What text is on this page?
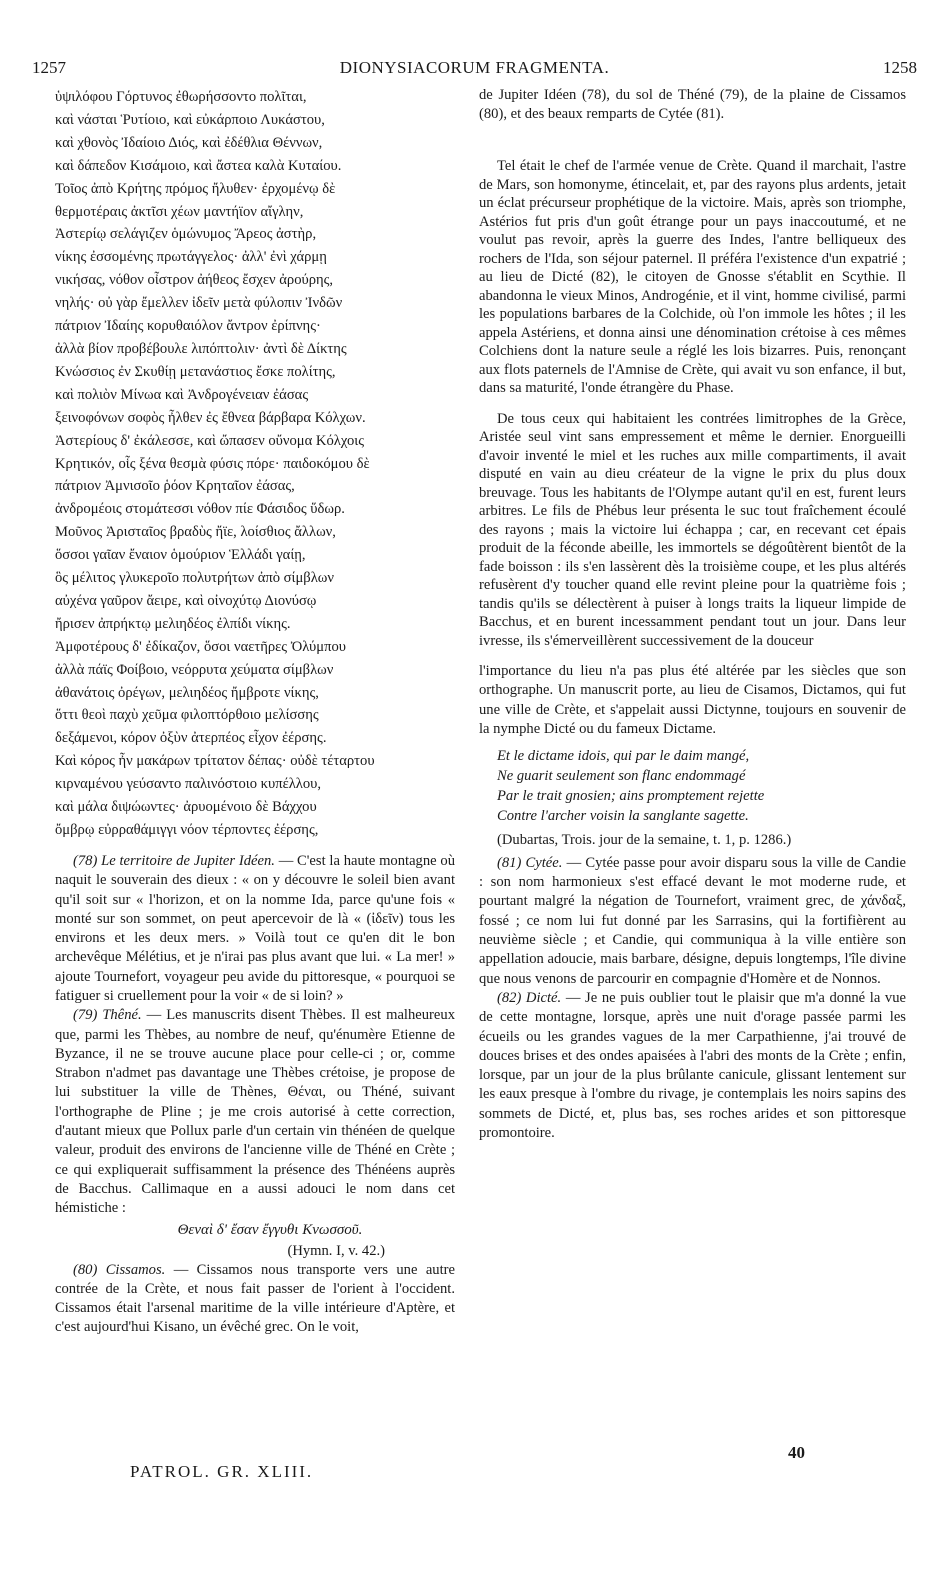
1257	DIONYSIACORUM FRAGMENTA.	1258
ὑψιλόφου Γόρτυνος ἐθωρήσσοντο πολῖται,
καὶ νάσται Ῥυτίοιο, καὶ εὐκάρποιο Λυκάστου,
καὶ χθονὸς Ἰδαίοιο Διός, καὶ ἐδέθλια Θέννων,
καὶ δάπεδον Κισάμοιο, καὶ ἄστεα καλὰ Κυταίου.
Τοῖος ἀπὸ Κρήτης πρόμος ἤλυθεν· ἐρχομένῳ δὲ
θερμοτέραις ἀκτῖσι χέων μαντήϊον αἴγλην,
Ἀστερίῳ σελάγιζεν ὁμώνυμος Ἄρεος ἀστὴρ,
νίκης ἐσσομένης πρωτάγγελος· ἀλλ' ἐνὶ χάρμῃ
νικήσας, νόθον οἶστρον ἀήθεος ἔσχεν ἀρούρης,
νηλής· οὐ γὰρ ἔμελλεν ἰδεῖν μετὰ φύλοπιν Ἰνδῶν
πάτριον Ἰδαίης κορυθαιόλον ἄντρον ἐρίπνης·
ἀλλὰ βίον προβέβουλε λιπόπτολιν· ἀντὶ δὲ Δίκτης
Κνώσσιος ἐν Σκυθίῃ μετανάστιος ἔσκε πολίτης,
καὶ πολιὸν Μίνωα καὶ Ἀνδρογένειαν ἐάσας
ξεινοφόνων σοφὸς ἦλθεν ἐς ἔθνεα βάρβαρα Κόλχων.
Ἀστερίους δ' ἐκάλεσσε, καὶ ὤπασεν οὔνομα Κόλχοις
Κρητικόν, οἷς ξένα θεσμὰ φύσις πόρε· παιδοκόμου δὲ
πάτριον Ἀμνισοῖο ῥόον Κρηταῖον ἐάσας,
ἀνδρομέοις στομάτεσσι νόθον πίε Φάσιδος ὕδωρ.
Μοῦνος Ἀρισταῖος βραδὺς ἤϊε, λοίσθιος ἄλλων,
ὅσσοι γαῖαν ἔναιον ὁμούριον Ἑλλάδι γαίῃ,
ὃς μέλιτος γλυκεροῖο πολυτρήτων ἀπὸ σίμβλων
αὐχένα γαῦρον ἄειρε, καὶ οἰνοχύτῳ Διονύσῳ
ἤρισεν ἀπρήκτῳ μελιηδέος ἐλπίδι νίκης.
Ἀμφοτέρους δ' ἐδίκαζον, ὅσοι ναετῆρες Ὀλύμπου
ἀλλὰ πάϊς Φοίβοιο, νεόρρυτα χεύματα σίμβλων
ἀθανάτοις ὀρέγων, μελιηδέος ἤμβροτε νίκης,
ὅττι θεοὶ παχὺ χεῦμα φιλοπτόρθοιο μελίσσης
δεξάμενοι, κόρον ὀξὺν ἀτερπέος εἶχον ἐέρσης.
Καὶ κόρος ἦν μακάρων τρίτατον δέπας· οὐδὲ τέταρτου
κιρναμένου γεύσαντο παλινόστοιο κυπέλλου,
καὶ μάλα διψώωντες· ἀρυομένοιο δὲ Βάχχου
ὄμβρῳ εὐρραθάμιγγι νόον τέρποντες ἐέρσης,

(78) Le territoire de Jupiter Idéen. — C'est la haute montagne où naquit le souverain des dieux : « on y découvre le soleil bien avant qu'il soit sur « l'horizon, et on la nomme Ida, parce qu'une fois « monté sur son sommet, on peut apercevoir de là « (ἰδεῖν) tous les environs et les deux mers. » Voilà tout ce qu'en dit le bon archevêque Mélétius, et je n'irai pas plus avant que lui. « La mer! » ajoute Tournefort, voyageur peu avide du pittoresque, « pourquoi se fatiguer si cruellement pour la voir « de si loin? »

(79) Thêné. — Les manuscrits disent Thèbes. Il est malheureux que, parmi les Thèbes, au nombre de neuf, qu'énumère Etienne de Byzance, il ne se trouve aucune place pour celle-ci ; or, comme Strabon n'admet pas davantage une Thèbes crétoise, je propose de lui substituer la ville de Thènes, Θέναι, ou Théné, suivant l'orthographe de Pline ; je me crois autorisé à cette correction, d'autant mieux que Pollux parle d'un certain vin thénéen de quelque valeur, produit des environs de l'ancienne ville de Théné en Crète ; ce qui expliquerait suffisamment la présence des Thénéens auprès de Bacchus. Callimaque en a aussi adouci le nom dans cet hémistiche :

Θεναὶ δ' ἔσαν ἔγγυθι Κνωσσοῦ.
(Hymn. I, v. 42.)

(80) Cissamos. — Cissamos nous transporte vers une autre contrée de la Crète, et nous fait passer de l'orient à l'occident. Cissamos était l'arsenal maritime de la ville intérieure d'Aptère, et c'est aujourd'hui Kisano, un évêché grec. On le voit,

de Jupiter Idéen (78), du sol de Théné (79), de la plaine de Cissamos (80), et des beaux remparts de Cytée (81).

Tel était le chef de l'armée venue de Crète. Quand il marchait, l'astre de Mars, son homonyme, étincelait, et, par des rayons plus ardents, jetait un éclat précurseur prophétique de la victoire. Mais, après son triomphe, Astérios fut pris d'un goût étrange pour un pays inaccoutumé, et ne voulut pas revoir, après la guerre des Indes, l'antre belliqueux des rochers de l'Ida, son séjour paternel. Il préféra l'existence d'un expatrié ; au lieu de Dicté (82), le citoyen de Gnosse s'établit en Scythie. Il abandonna le vieux Minos, Androgénie, et il vint, homme civilisé, parmi les populations barbares de la Colchide, où l'on immole les hôtes ; il les appela Astériens, et donna ainsi une dénomination crétoise à ces mêmes Colchiens dont la nature seule a réglé les lois bizarres. Puis, renonçant aux flots paternels de l'Amnise de Crète, qui avait vu son enfance, il but, dans sa maturité, l'onde étrangère du Phase.

De tous ceux qui habitaient les contrées limitrophes de la Grèce, Aristée seul vint sans empressement et même le dernier. Enorgueilli d'avoir inventé le miel et les ruches aux mille compartiments, il avait disputé en vain au dieu créateur de la vigne le prix du plus doux breuvage. Tous les habitants de l'Olympe autant qu'il en est, furent leurs arbitres. Le fils de Phébus leur présenta le suc tout fraîchement écoulé des rayons ; mais la victoire lui échappa ; car, en recevant cet épais produit de la féconde abeille, les immortels se dégoûtèrent bientôt de la fade boisson : ils s'en lassèrent dès la troisième coupe, et les plus altérés refusèrent d'y toucher quand elle revint pleine pour la quatrième fois ; tandis qu'ils se délectèrent à puiser à longs traits la liqueur limpide de Bacchus, et en burent incessamment pendant tout un jour. Dans leur ivresse, ils s'émerveillèrent successivement de la douceur

l'importance du lieu n'a pas plus été altérée par les siècles que son orthographe. Un manuscrit porte, au lieu de Cisamos, Dictamos, qui fut une ville de Crète, et s'appelait aussi Dictynne, toujours en souvenir de la nymphe Dicté ou du fameux Dictame.

Et le dictame idois, qui par le daim mangé,
Ne guarit seulement son flanc endommagé
Par le trait gnosien; ains promptement rejette
Contre l'archer voisin la sanglante sagette.
(Dubartas, Trois. jour de la semaine, t. 1, p. 1286.)

(81) Cytée. — Cytée passe pour avoir disparu sous la ville de Candie : son nom harmonieux s'est effacé devant le mot moderne rude, et pourtant malgré la négation de Tournefort, vraiment grec, de χάνδαξ, fossé ; ce nom lui fut donné par les Sarrasins, qui la fortifièrent au neuvième siècle ; et Candie, qui communiqua à la ville entière son appellation adoucie, mais barbare, désigne, depuis longtemps, l'île divine que nous venons de parcourir en compagnie d'Homère et de Nonnos.

(82) Dicté. — Je ne puis oublier tout le plaisir que m'a donné la vue de cette montagne, lorsque, après une nuit d'orage passée parmi les écueils ou les grandes vagues de la mer Carpathienne, j'ai trouvé de douces brises et des ondes apaisées à l'abri des monts de la Crète ; enfin, lorsque, par un jour de la plus brûlante canicule, glissant lentement sur les eaux presque à l'ombre du rivage, je contemplais les noirs sapins des sommets de Dicté, et, plus bas, ses roches arides et son pittoresque promontoire.

PATROL. GR. XLIII.
40
